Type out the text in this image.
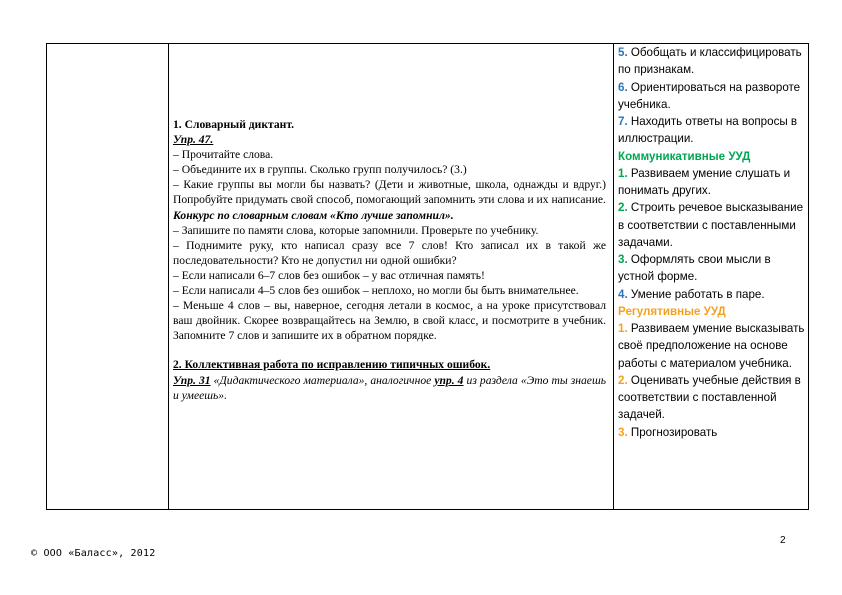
1. Словарный диктант.

Упр. 47.

– Прочитайте слова.

– Объедините их в группы. Сколько групп получилось? (3.)

– Какие группы вы могли бы назвать? (Дети и животные, школа, однажды и вдруг.) Попробуйте придумать свой способ, помогающий запомнить эти слова и их написание.

Конкурс по словарным словам «Кто лучше запомнил».

– Запишите по памяти слова, которые запомнили. Проверьте по учебнику.

– Поднимите руку, кто написал сразу все 7 слов! Кто записал их в такой же последовательности? Кто не допустил ни одной ошибки?

– Если написали 6–7 слов без ошибок – у вас отличная память!

– Если написали 4–5 слов без ошибок – неплохо, но могли бы быть внимательнее.

– Меньше 4 слов – вы, наверное, сегодня летали в космос, а на уроке присутствовал ваш двойник. Скорее возвращайтесь на Землю, в свой класс, и посмотрите в учебник. Запомните 7 слов и запишите их в обратном порядке.

2. Коллективная работа по исправлению типичных ошибок.

Упр. 31 «Дидактического материала», аналогичное упр. 4 из раздела «Это ты знаешь и умеешь».

5. Обобщать и классифицировать по признакам.

6. Ориентироваться на развороте учебника.

7. Находить ответы на вопросы в иллюстрации.

Коммуникативные УУД

1. Развиваем умение слушать и понимать других.

2. Строить речевое высказывание в соответствии с поставленными задачами.

3. Оформлять свои мысли в устной форме.

4. Умение работать в паре.

Регулятивные УУД

1. Развиваем умение высказывать своё предположение на основе работы с материалом учебника.

2. Оценивать учебные действия в соответствии с поставленной задачей.

3. Прогнозировать

2
© ООО «Баласс», 2012
